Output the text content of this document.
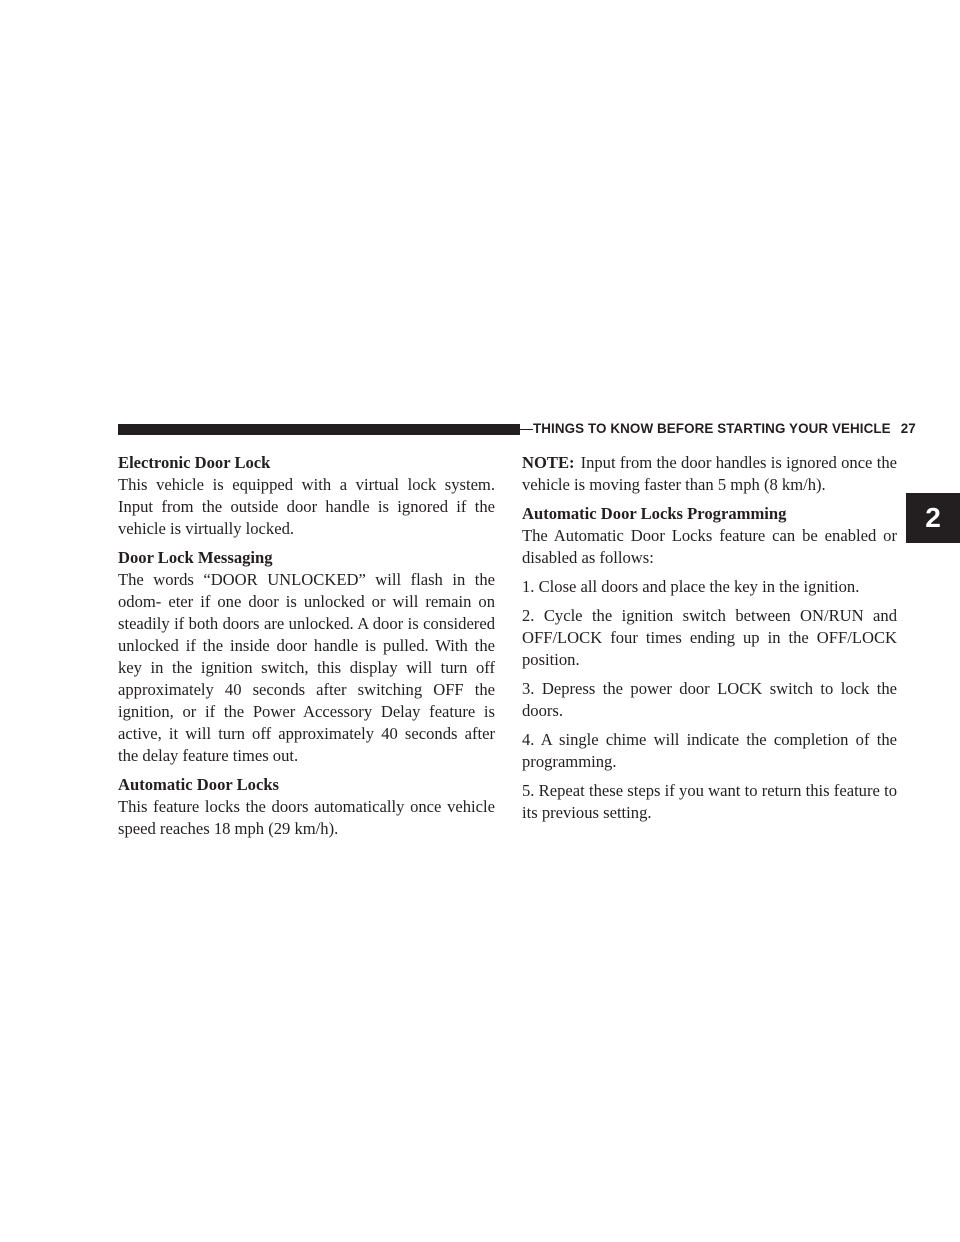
THINGS TO KNOW BEFORE STARTING YOUR VEHICLE 27
2

Electronic Door Lock

This vehicle is equipped with a virtual lock system. Input from the outside door handle is ignored if the vehicle is virtually locked.

Door Lock Messaging

The words “DOOR UNLOCKED” will flash in the odom- eter if one door is unlocked or will remain on steadily if both doors are unlocked. A door is considered unlocked if the inside door handle is pulled. With the key in the ignition switch, this display will turn off approximately 40 seconds after switching OFF the ignition, or if the Power Accessory Delay feature is active, it will turn off approximately 40 seconds after the delay feature times out.

Automatic Door Locks

This feature locks the doors automatically once vehicle speed reaches 18 mph (29 km/h).

NOTE: Input from the door handles is ignored once the vehicle is moving faster than 5 mph (8 km/h).

Automatic Door Locks Programming

The Automatic Door Locks feature can be enabled or disabled as follows:

1. Close all doors and place the key in the ignition.

2. Cycle the ignition switch between ON/RUN and OFF/LOCK four times ending up in the OFF/LOCK position.

3. Depress the power door LOCK switch to lock the doors.

4. A single chime will indicate the completion of the programming.

5. Repeat these steps if you want to return this feature to its previous setting.
